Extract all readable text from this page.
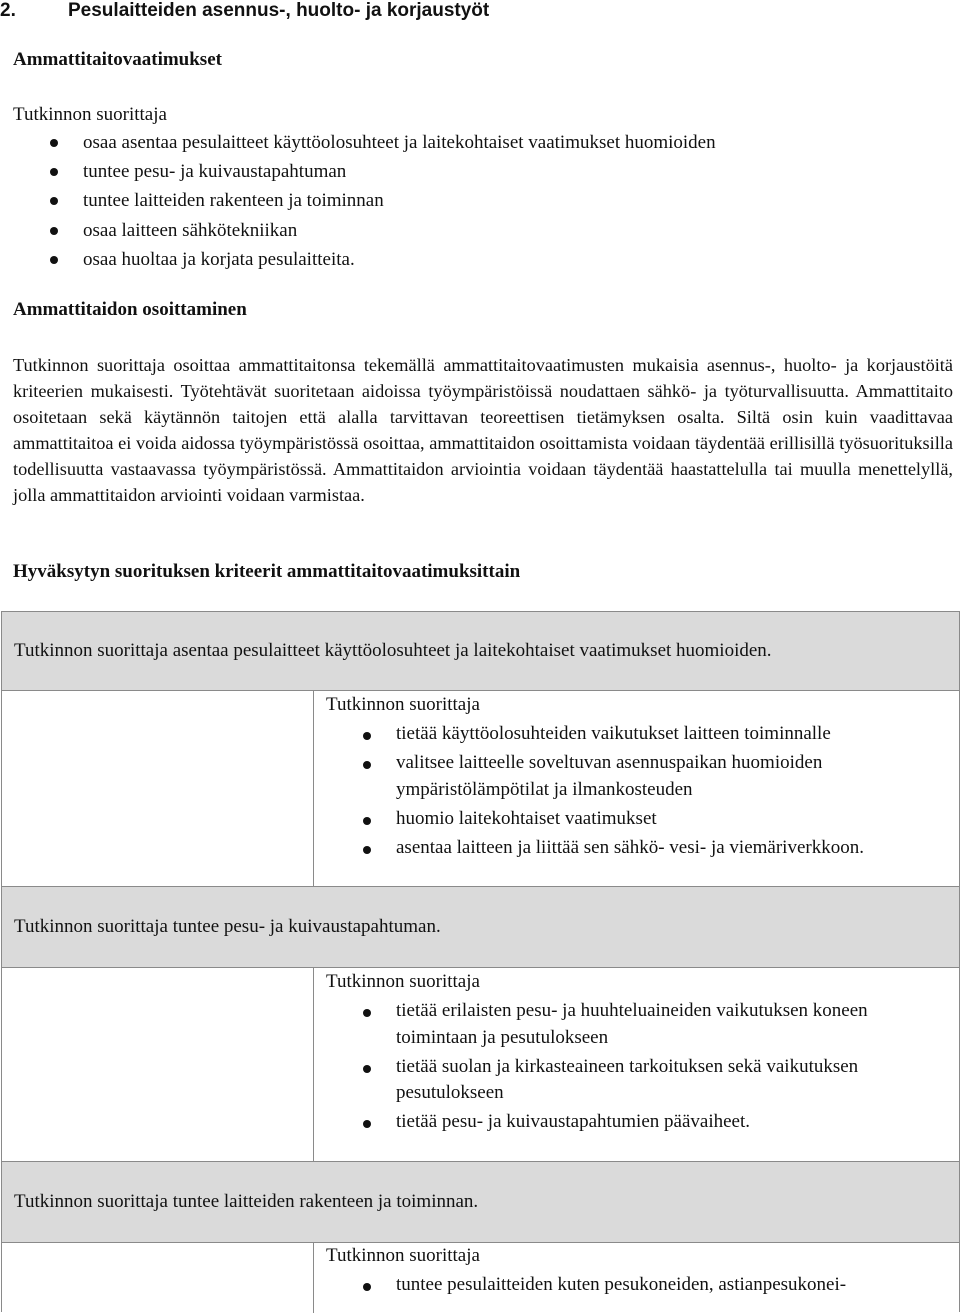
2.	Pesulaitteiden asennus-, huolto- ja korjaustyöt
Ammattitaitovaatimukset
Tutkinnon suorittaja
osaa asentaa pesulaitteet käyttöolosuhteet ja laitekohtaiset vaatimukset huomioiden
tuntee pesu- ja kuivaustapahtuman
tuntee laitteiden rakenteen ja toiminnan
osaa laitteen sähkötekniikan
osaa huoltaa ja korjata pesulaitteita.
Ammattitaidon osoittaminen
Tutkinnon suorittaja osoittaa ammattitaitonsa tekemällä ammattitaitovaatimusten mukaisia asennus-, huolto- ja korjaustöitä kriteerien mukaisesti. Työtehtävät suoritetaan aidoissa työympäristöissä noudattaen sähkö- ja työturvallisuutta. Ammattitaito osoitetaan sekä käytännön taitojen että alalla tarvittavan teoreettisen tietämyksen osalta. Siltä osin kuin vaadittavaa ammattitaitoa ei voida aidossa työympäristössä osoittaa, ammattitaidon osoittamista voidaan täydentää erillisillä työsuorituksilla todellisuutta vastaavassa työympäristössä. Ammattitaidon arviointia voidaan täydentää haastattelulla tai muulla menettelyllä, jolla ammattitaidon arviointi voidaan varmistaa.
Hyväksytyn suorituksen kriteerit ammattitaitovaatimuksittain
Tutkinnon suorittaja asentaa pesulaitteet käyttöolosuhteet ja laitekohtaiset vaatimukset huomioiden.
Tutkinnon suorittaja
tietää käyttöolosuhteiden vaikutukset laitteen toiminnalle
valitsee laitteelle soveltuvan asennuspaikan huomioiden ympäristölämpötilat ja ilmankosteuden
huomio laitekohtaiset vaatimukset
asentaa laitteen ja liittää sen sähkö- vesi- ja viemäriverkkoon.
Tutkinnon suorittaja tuntee pesu- ja kuivaustapahtuman.
Tutkinnon suorittaja
tietää erilaisten pesu- ja huuhteluaineiden vaikutuksen koneen toimintaan ja pesutulokseen
tietää suolan ja kirkasteaineen tarkoituksen sekä vaikutuksen pesutulokseen
tietää pesu- ja kuivaustapahtumien päävaiheet.
Tutkinnon suorittaja tuntee laitteiden rakenteen ja toiminnan.
Tutkinnon suorittaja
tuntee pesulaitteiden kuten pesukoneiden, astianpesukonei-
